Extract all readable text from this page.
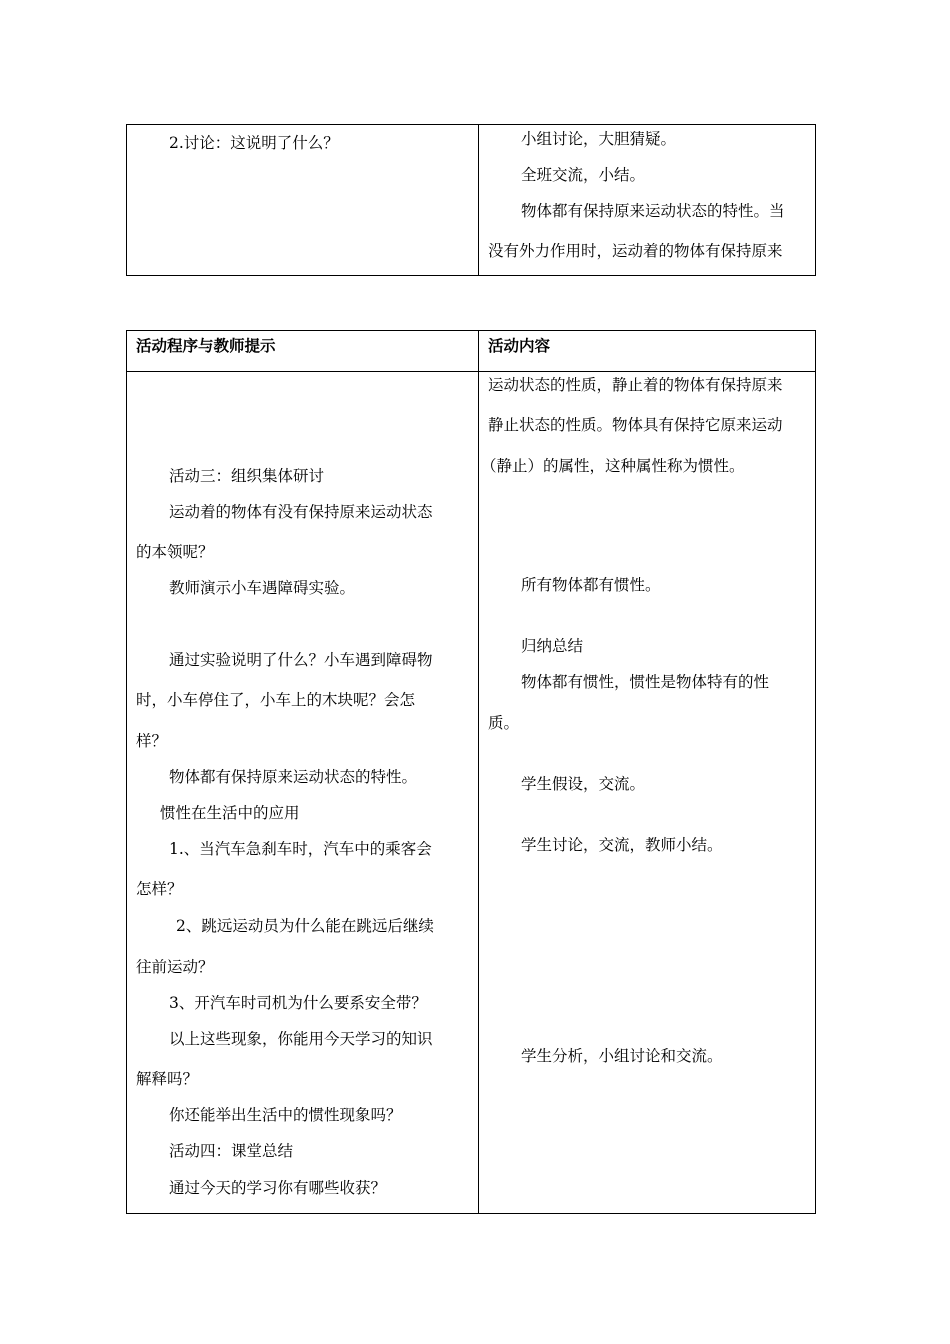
2.讨论：这说明了什么？	小组讨论，大胆猜疑。
全班交流，小结。
物体都有保持原来运动状态的特性。当
没有外力作用时，运动着的物体有保持原来
活动程序与教师提示	活动内容
活动三：组织集体研讨
运动着的物体有没有保持原来运动状态
的本领呢？
教师演示小车遇障碍实验。
通过实验说明了什么？小车遇到障碍物
时，小车停住了，小车上的木块呢？会怎
样？
物体都有保持原来运动状态的特性。
惯性在生活中的应用
1.、当汽车急刹车时，汽车中的乘客会
怎样？
2、跳远运动员为什么能在跳远后继续
往前运动？
3、开汽车时司机为什么要系安全带？
以上这些现象，你能用今天学习的知识
解释吗？
你还能举出生活中的惯性现象吗？
活动四：课堂总结
通过今天的学习你有哪些收获？
运动状态的性质，静止着的物体有保持原来
静止状态的性质。物体具有保持它原来运动
（静止）的属性，这种属性称为惯性。
所有物体都有惯性。
归纳总结
物体都有惯性，惯性是物体特有的性
质。
学生假设，交流。
学生讨论，交流，教师小结。
学生分析，小组讨论和交流。
